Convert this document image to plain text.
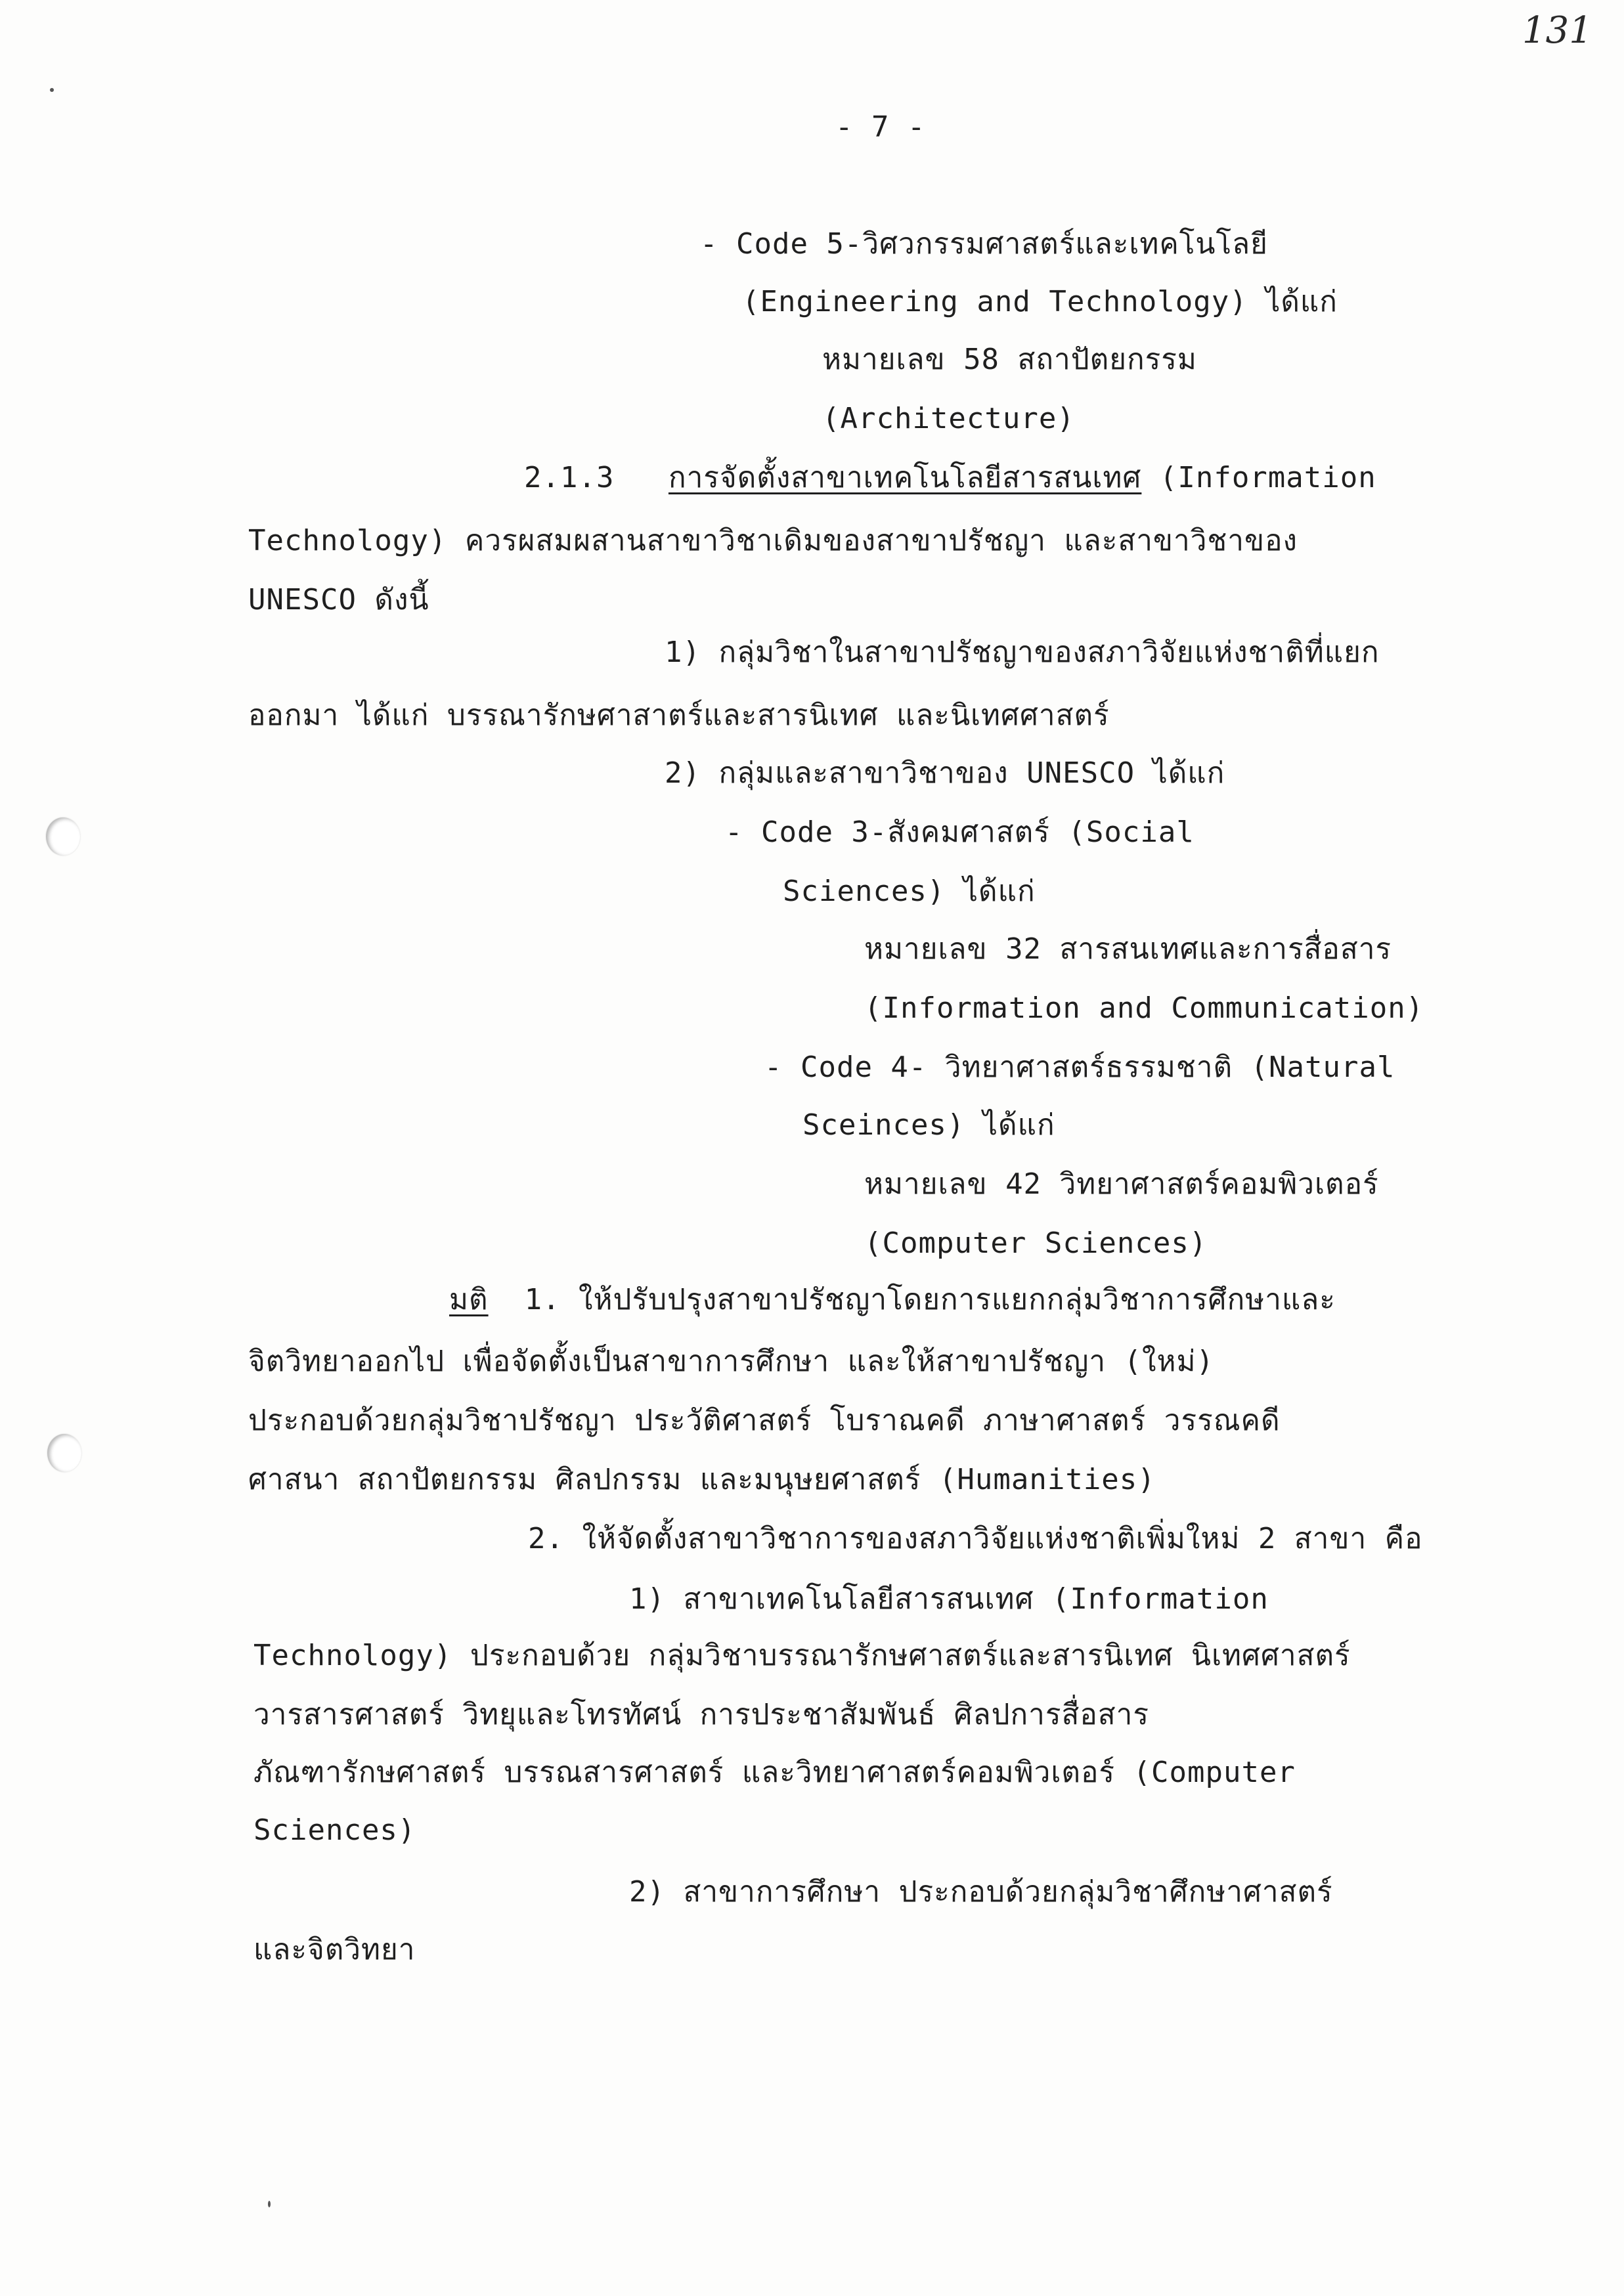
131
- 7 -
- Code 5-วิศวกรรมศาสตร์และเทคโนโลยี
(Engineering and Technology) ได้แก่
หมายเลข 58 สถาปัตยกรรม
(Architecture)
2.1.3 การจัดตั้งสาขาเทคโนโลยีสารสนเทศ (Information
Technology) ควรผสมผสานสาขาวิชาเดิมของสาขาปรัชญา และสาขาวิชาของ
UNESCO ดังนี้
1) กลุ่มวิชาในสาขาปรัชญาของสภาวิจัยแห่งชาติที่แยก
ออกมา ได้แก่ บรรณารักษศาสาตร์และสารนิเทศ และนิเทศศาสตร์
2) กลุ่มและสาขาวิชาของ UNESCO ได้แก่
- Code 3-สังคมศาสตร์ (Social
Sciences) ได้แก่
หมายเลข 32 สารสนเทศและการสื่อสาร
(Information and Communication)
- Code 4- วิทยาศาสตร์ธรรมชาติ (Natural
Sceinces) ได้แก่
หมายเลข 42 วิทยาศาสตร์คอมพิวเตอร์
(Computer Sciences)
มติ 1. ให้ปรับปรุงสาขาปรัชญาโดยการแยกกลุ่มวิชาการศึกษาและ
จิตวิทยาออกไป เพื่อจัดตั้งเป็นสาขาการศึกษา และให้สาขาปรัชญา (ใหม่)
ประกอบด้วยกลุ่มวิชาปรัชญา ประวัติศาสตร์ โบราณคดี ภาษาศาสตร์ วรรณคดี
ศาสนา สถาปัตยกรรม ศิลปกรรม และมนุษยศาสตร์ (Humanities)
2. ให้จัดตั้งสาขาวิชาการของสภาวิจัยแห่งชาติเพิ่มใหม่ 2 สาขา คือ
1) สาขาเทคโนโลยีสารสนเทศ (Information
Technology) ประกอบด้วย กลุ่มวิชาบรรณารักษศาสตร์และสารนิเทศ นิเทศศาสตร์
วารสารศาสตร์ วิทยุและโทรทัศน์ การประชาสัมพันธ์ ศิลปการสื่อสาร
ภัณฑารักษศาสตร์ บรรณสารศาสตร์ และวิทยาศาสตร์คอมพิวเตอร์ (Computer
Sciences)
2) สาขาการศึกษา ประกอบด้วยกลุ่มวิชาศึกษาศาสตร์
และจิตวิทยา
